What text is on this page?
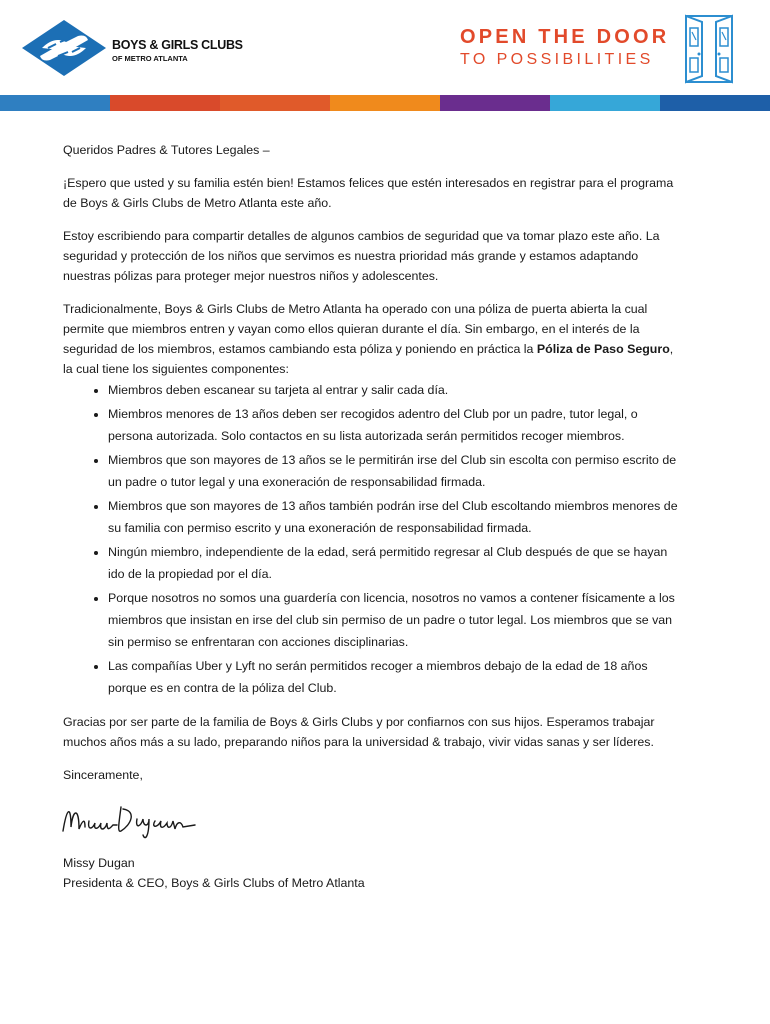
BOYS & GIRLS CLUBS
OF METRO ATLANTA
OPEN THE DOOR
TO POSSIBILITIES

Queridos Padres & Tutores Legales –

¡Espero que usted y su familia estén bien! Estamos felices que estén interesados en registrar para el programa de Boys & Girls Clubs de Metro Atlanta este año.

Estoy escribiendo para compartir detalles de algunos cambios de seguridad que va tomar plazo este año. La seguridad y protección de los niños que servimos es nuestra prioridad más grande y estamos adaptando nuestras pólizas para proteger mejor nuestros niños y adolescentes.

Tradicionalmente, Boys & Girls Clubs de Metro Atlanta ha operado con una póliza de puerta abierta la cual permite que miembros entren y vayan como ellos quieran durante el día. Sin embargo, en el interés de la seguridad de los miembros, estamos cambiando esta póliza y poniendo en práctica la Póliza de Paso Seguro, la cual tiene los siguientes componentes:

• Miembros deben escanear su tarjeta al entrar y salir cada día.
• Miembros menores de 13 años deben ser recogidos adentro del Club por un padre, tutor legal, o persona autorizada. Solo contactos en su lista autorizada serán permitidos recoger miembros.
• Miembros que son mayores de 13 años se le permitirán irse del Club sin escolta con permiso escrito de un padre o tutor legal y una exoneración de responsabilidad firmada.
• Miembros que son mayores de 13 años también podrán irse del Club escoltando miembros menores de su familia con permiso escrito y una exoneración de responsabilidad firmada.
• Ningún miembro, independiente de la edad, será permitido regresar al Club después de que se hayan ido de la propiedad por el día.
• Porque nosotros no somos una guardería con licencia, nosotros no vamos a contener físicamente a los miembros que insistan en irse del club sin permiso de un padre o tutor legal. Los miembros que se van sin permiso se enfrentaran con acciones disciplinarias.
• Las compañías Uber y Lyft no serán permitidos recoger a miembros debajo de la edad de 18 años porque es en contra de la póliza del Club.

Gracias por ser parte de la familia de Boys & Girls Clubs y por confiarnos con sus hijos. Esperamos trabajar muchos años más a su lado, preparando niños para la universidad & trabajo, vivir vidas sanas y ser líderes.

Sinceramente,

Missy Dugan

Presidenta & CEO, Boys & Girls Clubs of Metro Atlanta
